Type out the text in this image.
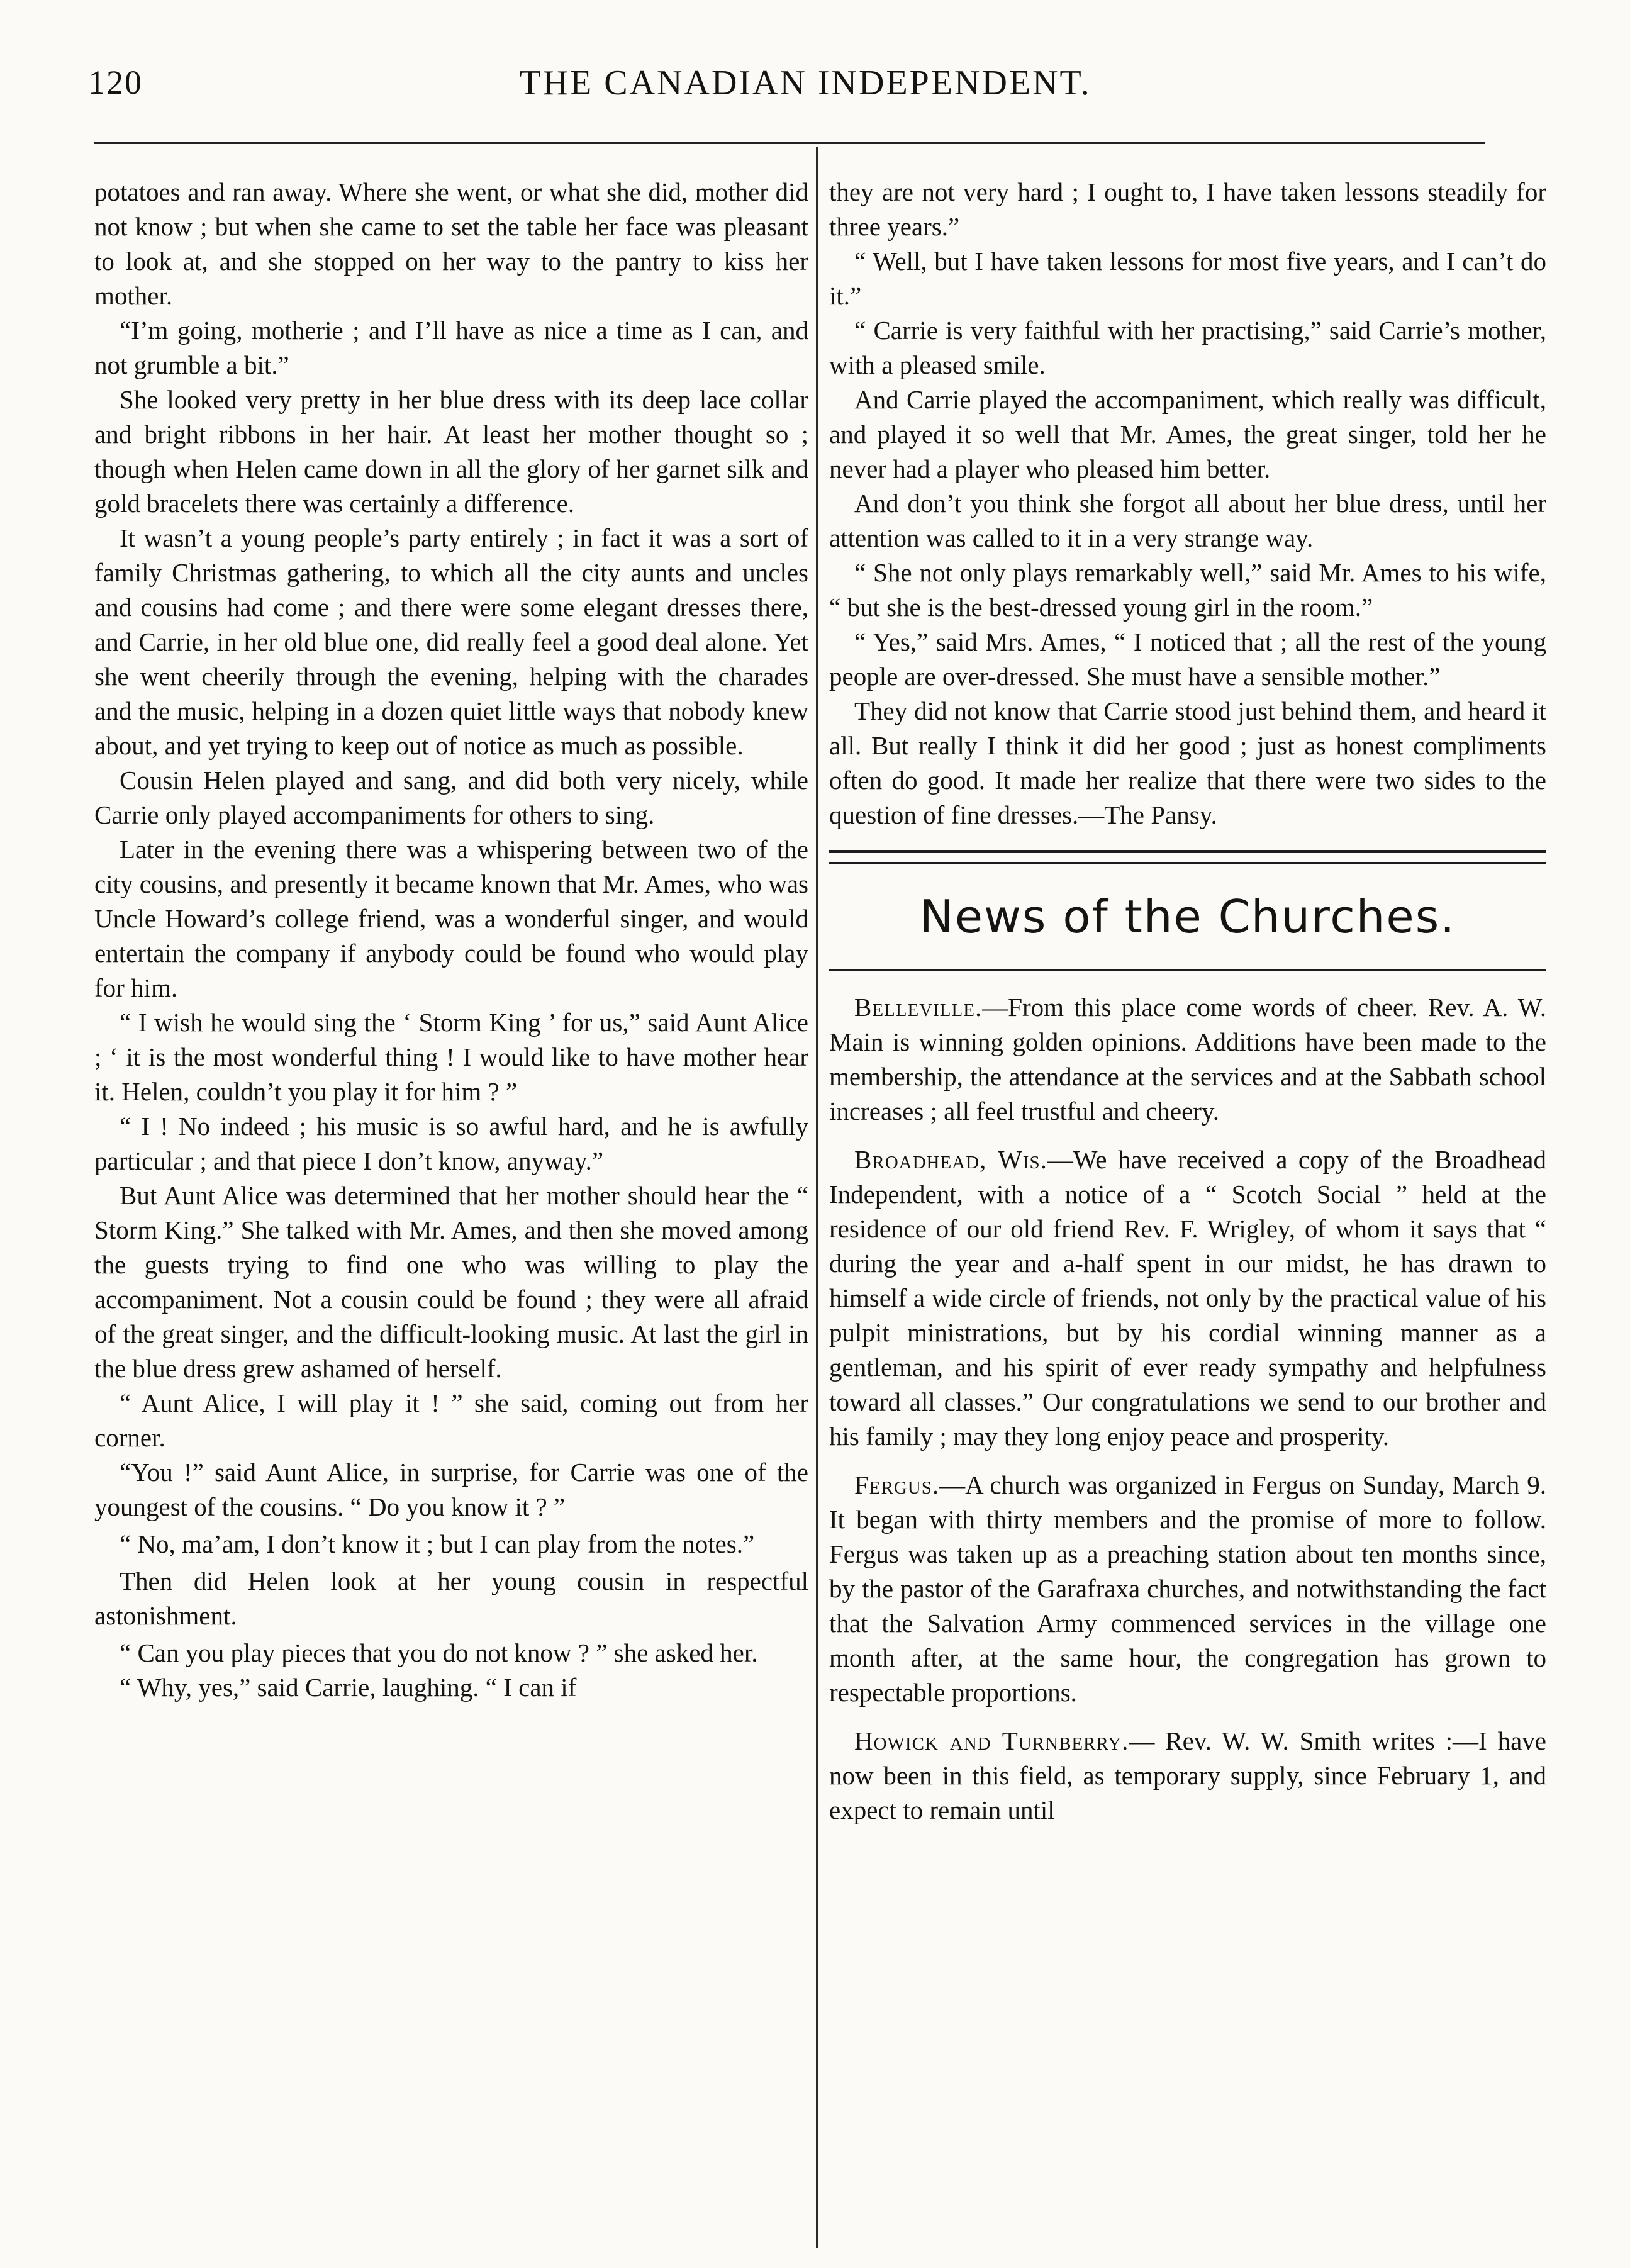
120	THE CANADIAN INDEPENDENT.

potatoes and ran away. Where she went, or what she did, mother did not know ; but when she came to set the table her face was pleasant to look at, and she stopped on her way to the pantry to kiss her mother.

“I’m going, motherie ; and I’ll have as nice a time as I can, and not grumble a bit.”

She looked very pretty in her blue dress with its deep lace collar and bright ribbons in her hair. At least her mother thought so ; though when Helen came down in all the glory of her garnet silk and gold bracelets there was certainly a difference.

It wasn’t a young people’s party entirely ; in fact it was a sort of family Christmas gathering, to which all the city aunts and uncles and cousins had come ; and there were some elegant dresses there, and Carrie, in her old blue one, did really feel a good deal alone. Yet she went cheerily through the evening, helping with the charades and the music, helping in a dozen quiet little ways that nobody knew about, and yet trying to keep out of notice as much as possible.

Cousin Helen played and sang, and did both very nicely, while Carrie only played accompaniments for others to sing.

Later in the evening there was a whispering between two of the city cousins, and presently it became known that Mr. Ames, who was Uncle Howard’s college friend, was a wonderful singer, and would entertain the company if anybody could be found who would play for him.

“ I wish he would sing the ‘ Storm King ’ for us,” said Aunt Alice ; ‘ it is the most wonderful thing ! I would like to have mother hear it. Helen, couldn’t you play it for him ? ”

“ I ! No indeed ; his music is so awful hard, and he is awfully particular ; and that piece I don’t know, anyway.”

But Aunt Alice was determined that her mother should hear the “ Storm King.” She talked with Mr. Ames, and then she moved among the guests trying to find one who was willing to play the accompaniment. Not a cousin could be found ; they were all afraid of the great singer, and the difficult-looking music. At last the girl in the blue dress grew ashamed of herself.

“ Aunt Alice, I will play it ! ” she said, coming out from her corner.

“You !” said Aunt Alice, in surprise, for Carrie was one of the youngest of the cousins. “ Do you know it ? ”

“ No, ma’am, I don’t know it ; but I can play from the notes.”

Then did Helen look at her young cousin in respectful astonishment.

“ Can you play pieces that you do not know ? ” she asked her.

“ Why, yes,” said Carrie, laughing. “ I can if

they are not very hard ; I ought to, I have taken lessons steadily for three years.”

“ Well, but I have taken lessons for most five years, and I can’t do it.”

“ Carrie is very faithful with her practising,” said Carrie’s mother, with a pleased smile.

And Carrie played the accompaniment, which really was difficult, and played it so well that Mr. Ames, the great singer, told her he never had a player who pleased him better.

And don’t you think she forgot all about her blue dress, until her attention was called to it in a very strange way.

“ She not only plays remarkably well,” said Mr. Ames to his wife, “ but she is the best-dressed young girl in the room.”

“ Yes,” said Mrs. Ames, “ I noticed that ; all the rest of the young people are over-dressed. She must have a sensible mother.”

They did not know that Carrie stood just behind them, and heard it all. But really I think it did her good ; just as honest compliments often do good. It made her realize that there were two sides to the question of fine dresses.—The Pansy.

News of the Churches.

Belleville.—From this place come words of cheer. Rev. A. W. Main is winning golden opinions. Additions have been made to the membership, the attendance at the services and at the Sabbath school increases ; all feel trustful and cheery.

Broadhead, Wis.—We have received a copy of the Broadhead Independent, with a notice of a “ Scotch Social ” held at the residence of our old friend Rev. F. Wrigley, of whom it says that “ during the year and a-half spent in our midst, he has drawn to himself a wide circle of friends, not only by the practical value of his pulpit ministrations, but by his cordial winning manner as a gentleman, and his spirit of ever ready sympathy and helpfulness toward all classes.” Our congratulations we send to our brother and his family ; may they long enjoy peace and prosperity.

Fergus.—A church was organized in Fergus on Sunday, March 9. It began with thirty members and the promise of more to follow. Fergus was taken up as a preaching station about ten months since, by the pastor of the Garafraxa churches, and notwithstanding the fact that the Salvation Army commenced services in the village one month after, at the same hour, the congregation has grown to respectable proportions.

Howick and Turnberry.— Rev. W. W. Smith writes :—I have now been in this field, as temporary supply, since February 1, and expect to remain until
